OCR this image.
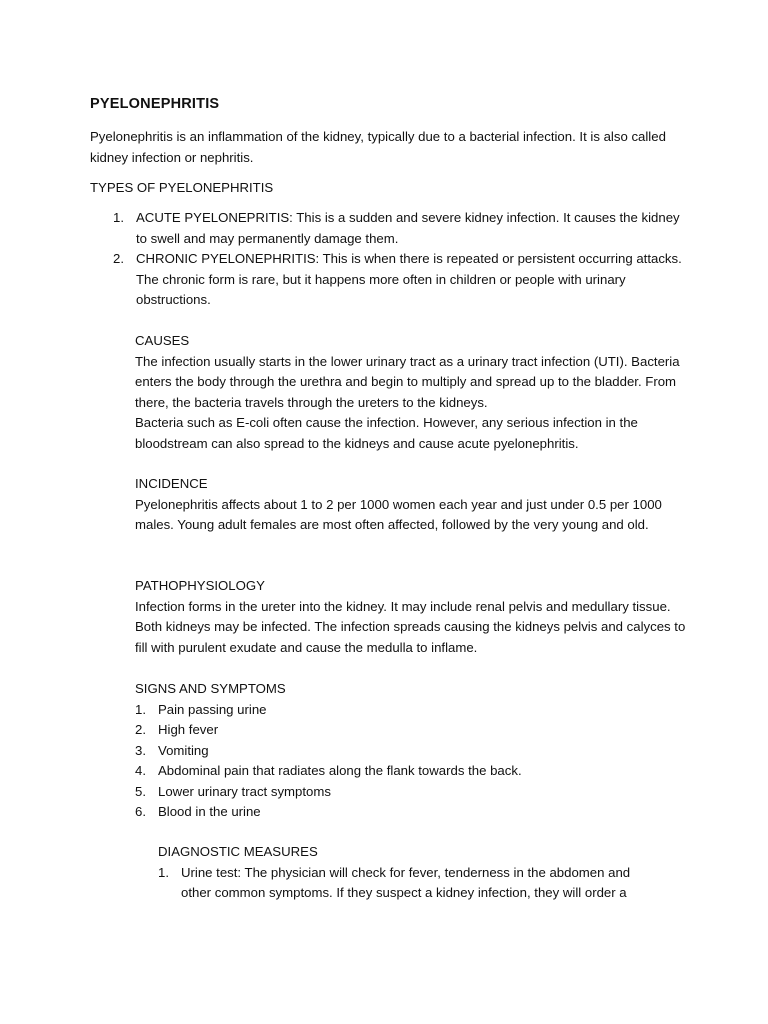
PYELONEPHRITIS

Pyelonephritis is an inflammation of the kidney, typically due to a bacterial infection. It is also called kidney infection or nephritis.

TYPES OF PYELONEPHRITIS

1. ACUTE PYELONEPRITIS: This is a sudden and severe kidney infection. It causes the kidney to swell and may permanently damage them.
2. CHRONIC PYELONEPHRITIS: This is when there is repeated or persistent occurring attacks. The chronic form is rare, but it happens more often in children or people with urinary obstructions.

CAUSES

The infection usually starts in the lower urinary tract as a urinary tract infection (UTI). Bacteria enters the body through the urethra and begin to multiply and spread up to the bladder. From there, the bacteria travels through the ureters to the kidneys.

Bacteria such as E-coli often cause the infection. However, any serious infection in the bloodstream can also spread to the kidneys and cause acute pyelonephritis.

INCIDENCE

Pyelonephritis affects about 1 to 2 per 1000 women each year and just under 0.5 per 1000 males. Young adult females are most often affected, followed by the very young and old.

PATHOPHYSIOLOGY

Infection forms in the ureter into the kidney. It may include renal pelvis and medullary tissue. Both kidneys may be infected. The infection spreads causing the kidneys pelvis and calyces to fill with purulent exudate and cause the medulla to inflame.

SIGNS AND SYMPTOMS

1. Pain passing urine
2. High fever
3. Vomiting
4. Abdominal pain that radiates along the flank towards the back.
5. Lower urinary tract symptoms
6. Blood in the urine

DIAGNOSTIC MEASURES

1. Urine test: The physician will check for fever, tenderness in the abdomen and other common symptoms. If they suspect a kidney infection, they will order a
